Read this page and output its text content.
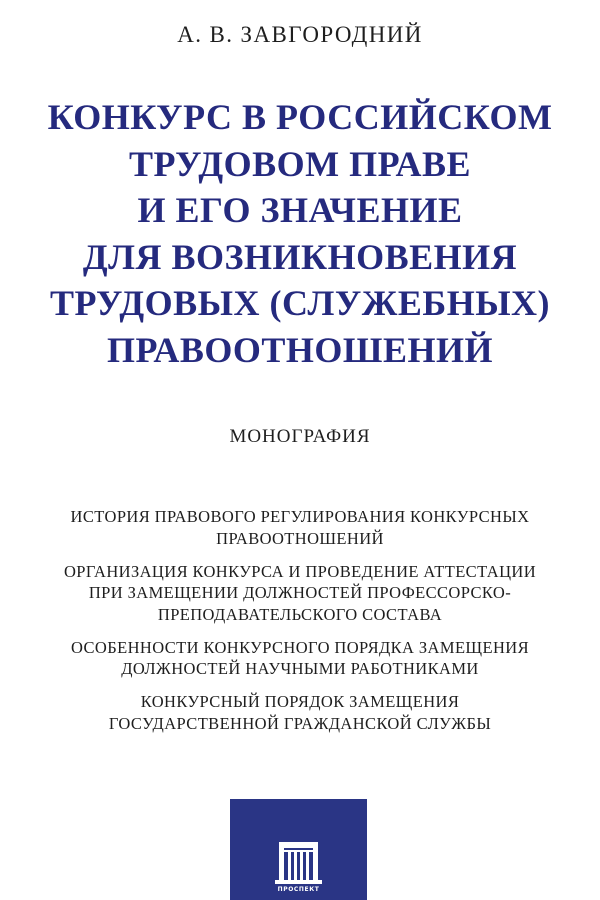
А. В. ЗАВГОРОДНИЙ
КОНКУРС В РОССИЙСКОМ
ТРУДОВОМ ПРАВЕ
И ЕГО ЗНАЧЕНИЕ
ДЛЯ ВОЗНИКНОВЕНИЯ
ТРУДОВЫХ (СЛУЖЕБНЫХ)
ПРАВООТНОШЕНИЙ
МОНОГРАФИЯ
ИСТОРИЯ ПРАВОВОГО РЕГУЛИРОВАНИЯ КОНКУРСНЫХ
ПРАВООТНОШЕНИЙ
ОРГАНИЗАЦИЯ КОНКУРСА И ПРОВЕДЕНИЕ АТТЕСТАЦИИ
ПРИ ЗАМЕЩЕНИИ ДОЛЖНОСТЕЙ ПРОФЕССОРСКО-
ПРЕПОДАВАТЕЛЬСКОГО СОСТАВА
ОСОБЕННОСТИ КОНКУРСНОГО ПОРЯДКА ЗАМЕЩЕНИЯ
ДОЛЖНОСТЕЙ НАУЧНЫМИ РАБОТНИКАМИ
КОНКУРСНЫЙ ПОРЯДОК ЗАМЕЩЕНИЯ
ГОСУДАРСТВЕННОЙ ГРАЖДАНСКОЙ СЛУЖБЫ
ПРОСПЕКТ
